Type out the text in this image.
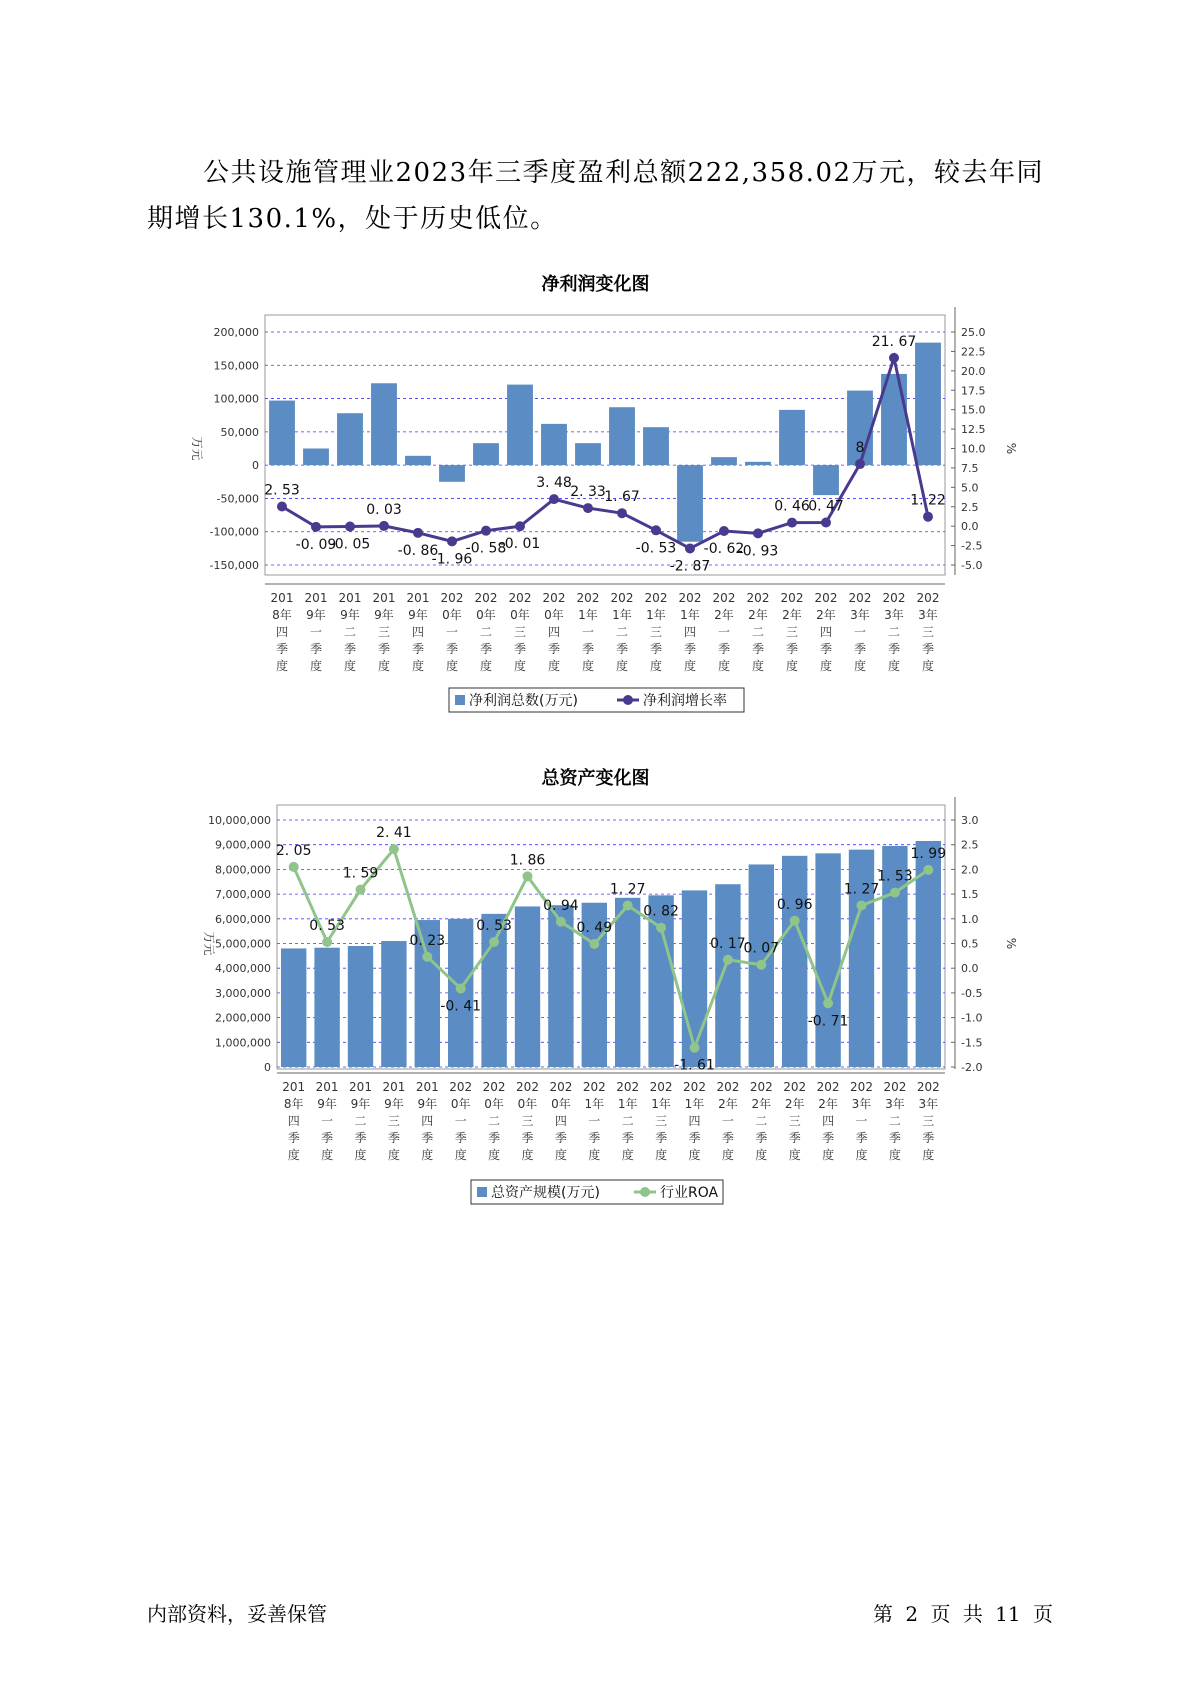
公共设施管理业2023年三季度盈利总额222,358.02万元，较去年同期增长130.1%，处于历史低位。
净利润变化图
200,000
150,000
100,000
50,000
0
-50,000
-100,000
-150,000
25.0
22.5
20.0
17.5
15.0
12.5
10.0
7.5
5.0
2.5
0.0
-2.5
-5.0
万元	%
2. 53
-0. 09
-0. 05
0. 03
-0. 86
-1. 96
-0. 58
-0. 01
3. 48
2. 33
1. 67
-0. 53
-2. 87
-0. 62
-0. 93
0. 46
0. 47
8
21. 67
1. 22
201
8年
四
季
度
201
9年
一
季
度
201
9年
二
季
度
201
9年
三
季
度
201
9年
四
季
度
202
0年
一
季
度
202
0年
二
季
度
202
0年
三
季
度
202
0年
四
季
度
202
1年
一
季
度
202
1年
二
季
度
202
1年
三
季
度
202
1年
四
季
度
202
2年
一
季
度
202
2年
二
季
度
202
2年
三
季
度
202
2年
四
季
度
202
3年
一
季
度
202
3年
二
季
度
202
3年
三
季
度
净利润总数(万元)	净利润增长率
总资产变化图
10,000,000
9,000,000
8,000,000
7,000,000
6,000,000
5,000,000
4,000,000
3,000,000
2,000,000
1,000,000
0
3.0
2.5
2.0
1.5
1.0
0.5
0.0
-0.5
-1.0
-1.5
-2.0
万元	%
2. 05
0. 53
1. 59
2. 41
0. 23
-0. 41
0. 53
1. 86
0. 94
0. 49
1. 27
0. 82
-1. 61
0. 17
0. 07
0. 96
-0. 71
1. 27
1. 53
1. 99
201
8年
四
季
度
201
9年
一
季
度
201
9年
二
季
度
201
9年
三
季
度
201
9年
四
季
度
202
0年
一
季
度
202
0年
二
季
度
202
0年
三
季
度
202
0年
四
季
度
202
1年
一
季
度
202
1年
二
季
度
202
1年
三
季
度
202
1年
四
季
度
202
2年
一
季
度
202
2年
二
季
度
202
2年
三
季
度
202
2年
四
季
度
202
3年
一
季
度
202
3年
二
季
度
202
3年
三
季
度
总资产规模(万元)	行业ROA
内部资料，妥善保管	第 2 页 共 11 页
